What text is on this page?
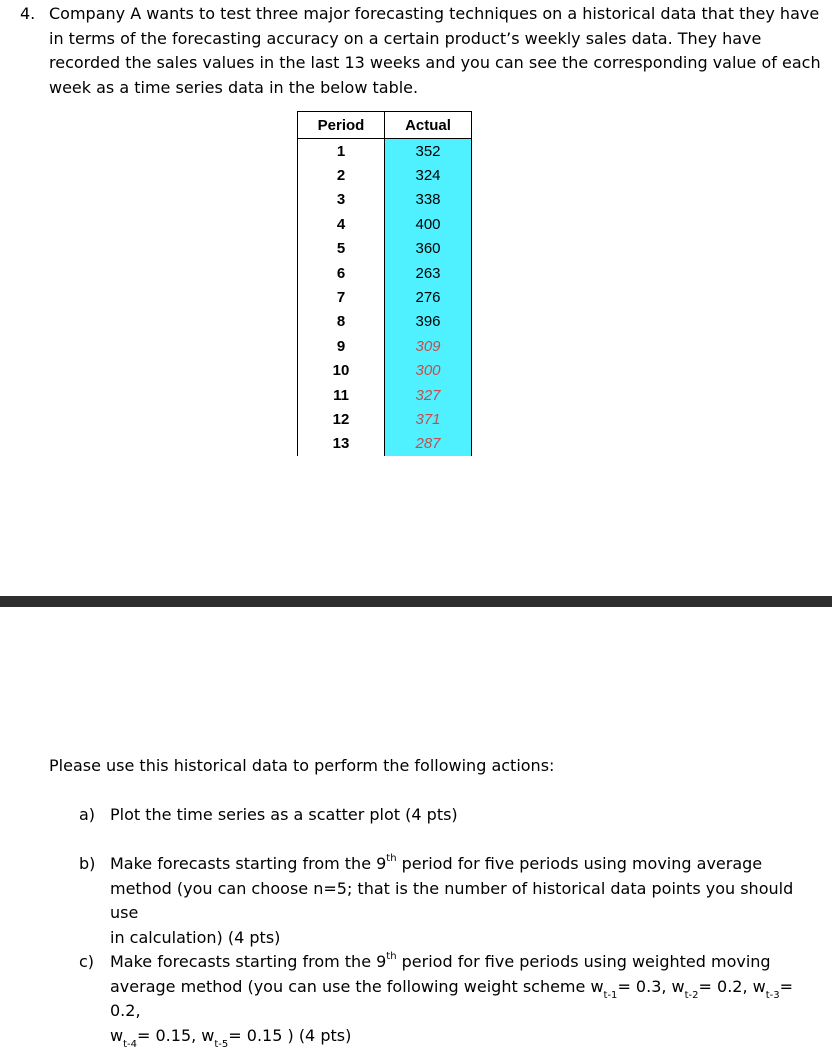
4. Company A wants to test three major forecasting techniques on a historical data that they have
in terms of the forecasting accuracy on a certain product’s weekly sales data. They have
recorded the sales values in the last 13 weeks and you can see the corresponding value of each
week as a time series data in the below table.
Period	Actual
1	352
2	324
3	338
4	400
5	360
6	263
7	276
8	396
9	309
10	300
11	327
12	371
13	287
Please use this historical data to perform the following actions:
a) Plot the time series as a scatter plot (4 pts)
b) Make forecasts starting from the 9th period for five periods using moving average
method (you can choose n=5; that is the number of historical data points you should use
in calculation) (4 pts)
c) Make forecasts starting from the 9th period for five periods using weighted moving
average method (you can use the following weight scheme $w_{t-1}= 0.3$, $w_{t-2}= 0.2$, $w_{t-3}= 0.2$,
$w_{t-4}= 0.15$, $w_{t-5}= 0.15$ ) (4 pts)
